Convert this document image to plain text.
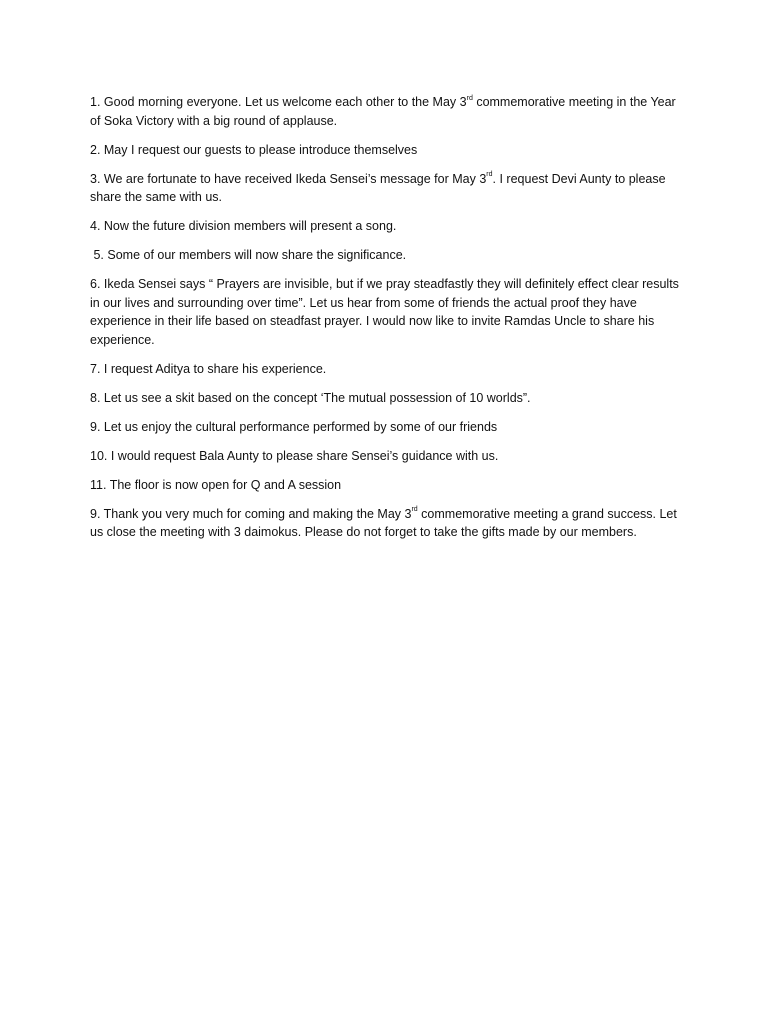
1. Good morning everyone. Let us welcome each other to the May 3rd commemorative meeting in the Year of Soka Victory with a big round of applause.

2. May I request our guests to please introduce themselves

3. We are fortunate to have received Ikeda Sensei’s message for May 3rd. I request Devi Aunty to please share the same with us.

4. Now the future division members will present a song.

5. Some of our members will now share the significance.

6. Ikeda Sensei says “ Prayers are invisible, but if we pray steadfastly they will definitely effect clear results in our lives and surrounding over time”. Let us hear from some of friends the actual proof they have experience in their life based on steadfast prayer. I would now like to invite Ramdas Uncle to share his experience.

7. I request Aditya to share his experience.

8. Let us see a skit based on the concept ‘The mutual possession of 10 worlds”.

9. Let us enjoy the cultural performance performed by some of our friends

10. I would request Bala Aunty to please share Sensei’s guidance with us.

11. The floor is now open for Q and A session

9. Thank you very much for coming and making the May 3rd commemorative meeting a grand success. Let us close the meeting with 3 daimokus. Please do not forget to take the gifts made by our members.
